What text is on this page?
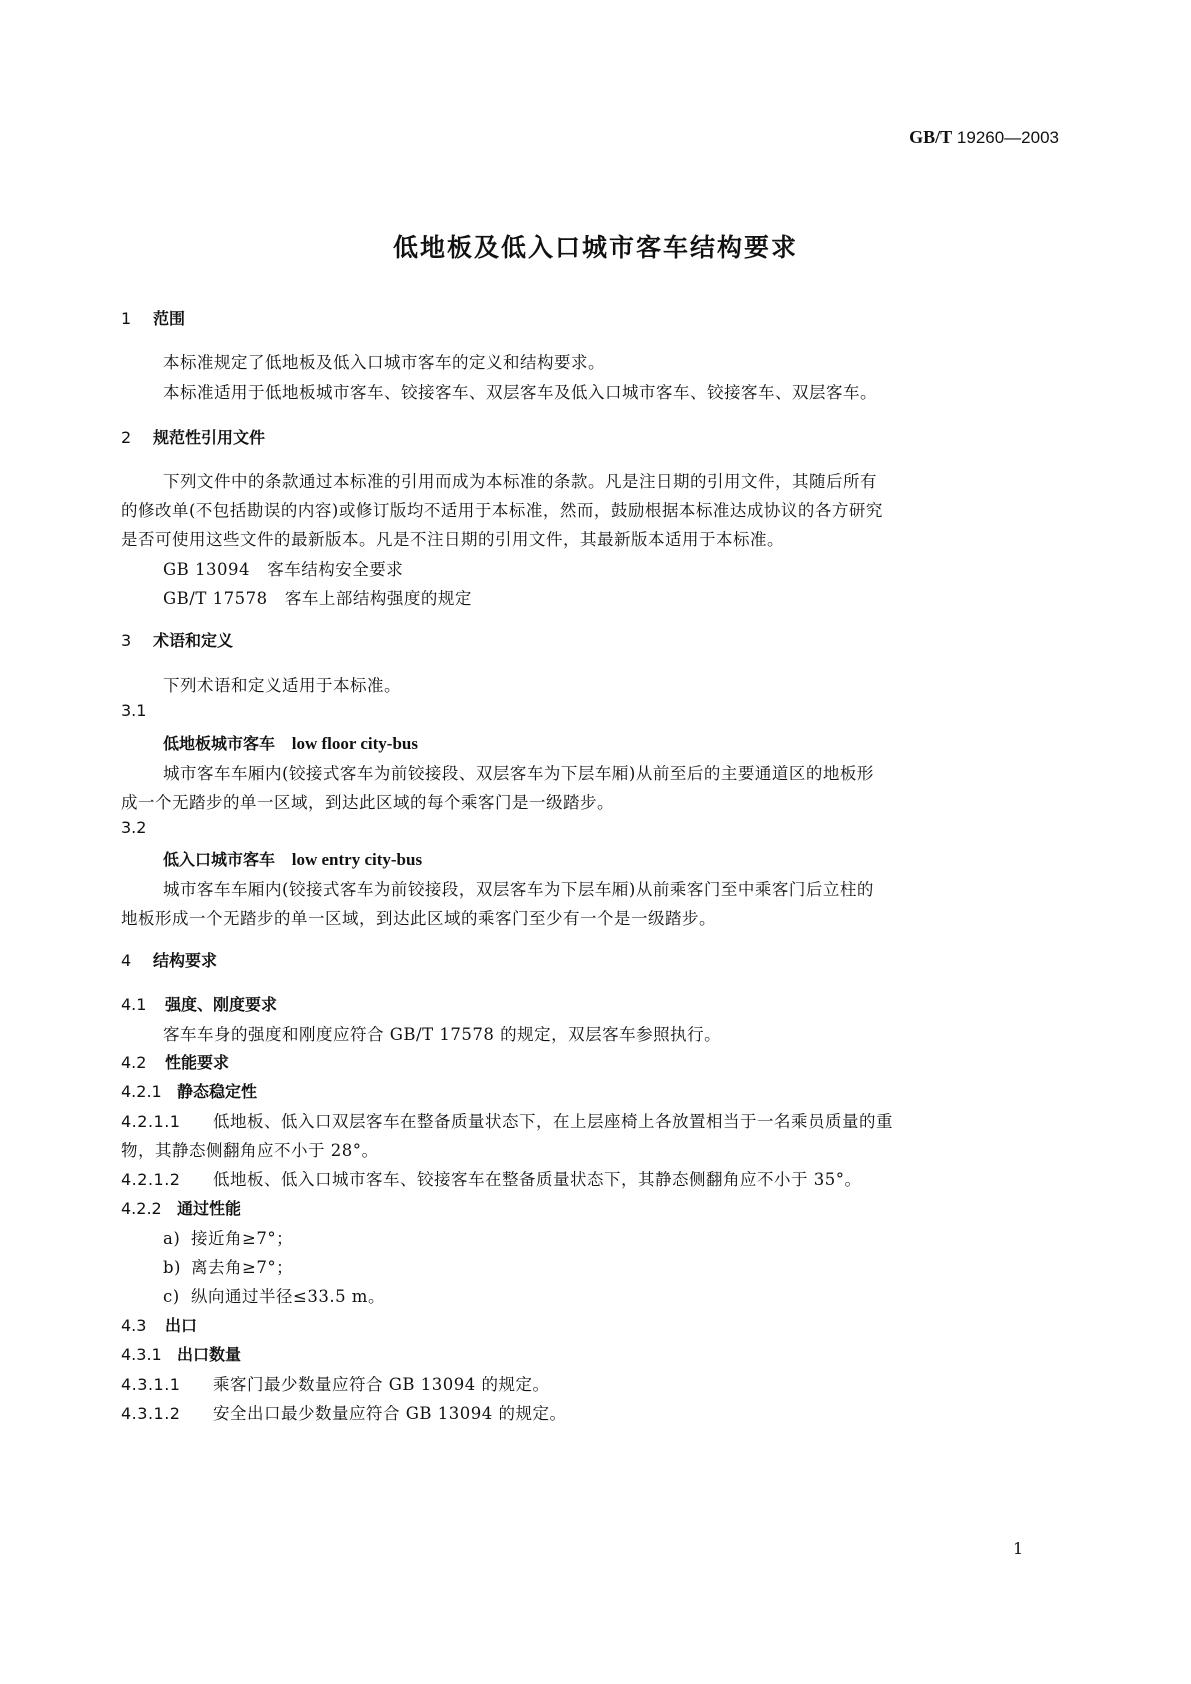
GB/T 19260—2003
低地板及低入口城市客车结构要求
1 范围
本标准规定了低地板及低入口城市客车的定义和结构要求。
本标准适用于低地板城市客车、铰接客车、双层客车及低入口城市客车、铰接客车、双层客车。
2 规范性引用文件
下列文件中的条款通过本标准的引用而成为本标准的条款。凡是注日期的引用文件，其随后所有
的修改单(不包括勘误的内容)或修订版均不适用于本标准，然而，鼓励根据本标准达成协议的各方研究
是否可使用这些文件的最新版本。凡是不注日期的引用文件，其最新版本适用于本标准。
GB 13094 客车结构安全要求
GB/T 17578 客车上部结构强度的规定
3 术语和定义
下列术语和定义适用于本标准。
3.1
低地板城市客车 low floor city-bus
城市客车车厢内(铰接式客车为前铰接段、双层客车为下层车厢)从前至后的主要通道区的地板形
成一个无踏步的单一区域，到达此区域的每个乘客门是一级踏步。
3.2
低入口城市客车 low entry city-bus
城市客车车厢内(铰接式客车为前铰接段，双层客车为下层车厢)从前乘客门至中乘客门后立柱的
地板形成一个无踏步的单一区域，到达此区域的乘客门至少有一个是一级踏步。
4 结构要求
4.1 强度、刚度要求
客车车身的强度和刚度应符合 GB/T 17578 的规定，双层客车参照执行。
4.2 性能要求
4.2.1 静态稳定性
4.2.1.1 低地板、低入口双层客车在整备质量状态下，在上层座椅上各放置相当于一名乘员质量的重
物，其静态侧翻角应不小于 28°。
4.2.1.2 低地板、低入口城市客车、铰接客车在整备质量状态下，其静态侧翻角应不小于 35°。
4.2.2 通过性能
a) 接近角≥7°；
b) 离去角≥7°；
c) 纵向通过半径≤33.5 m。
4.3 出口
4.3.1 出口数量
4.3.1.1 乘客门最少数量应符合 GB 13094 的规定。
4.3.1.2 安全出口最少数量应符合 GB 13094 的规定。
1
